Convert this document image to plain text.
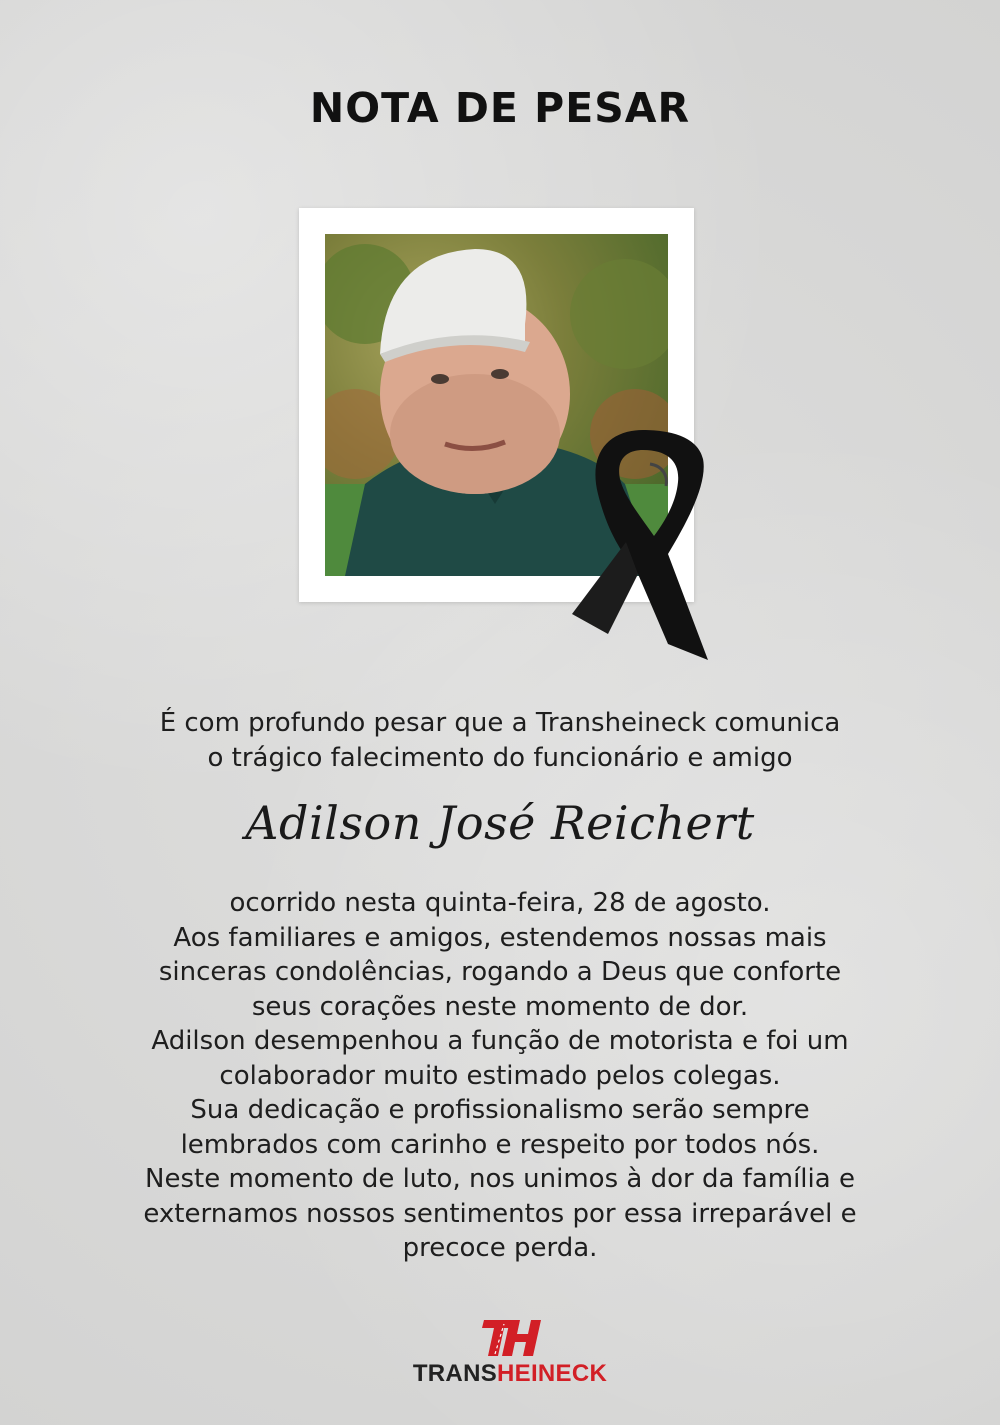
NOTA DE PESAR
É com profundo pesar que a Transheineck comunica
o trágico falecimento do funcionário e amigo
Adilson José Reichert
ocorrido nesta quinta-feira, 28 de agosto.
Aos familiares e amigos, estendemos nossas mais
sinceras condolências, rogando a Deus que conforte
seus corações neste momento de dor.
Adilson desempenhou a função de motorista e foi um
colaborador muito estimado pelos colegas.
Sua dedicação e profissionalismo serão sempre
lembrados com carinho e respeito por todos nós.
Neste momento de luto, nos unimos à dor da família e
externamos nossos sentimentos por essa irreparável e
precoce perda.
TRANSHEINECK
